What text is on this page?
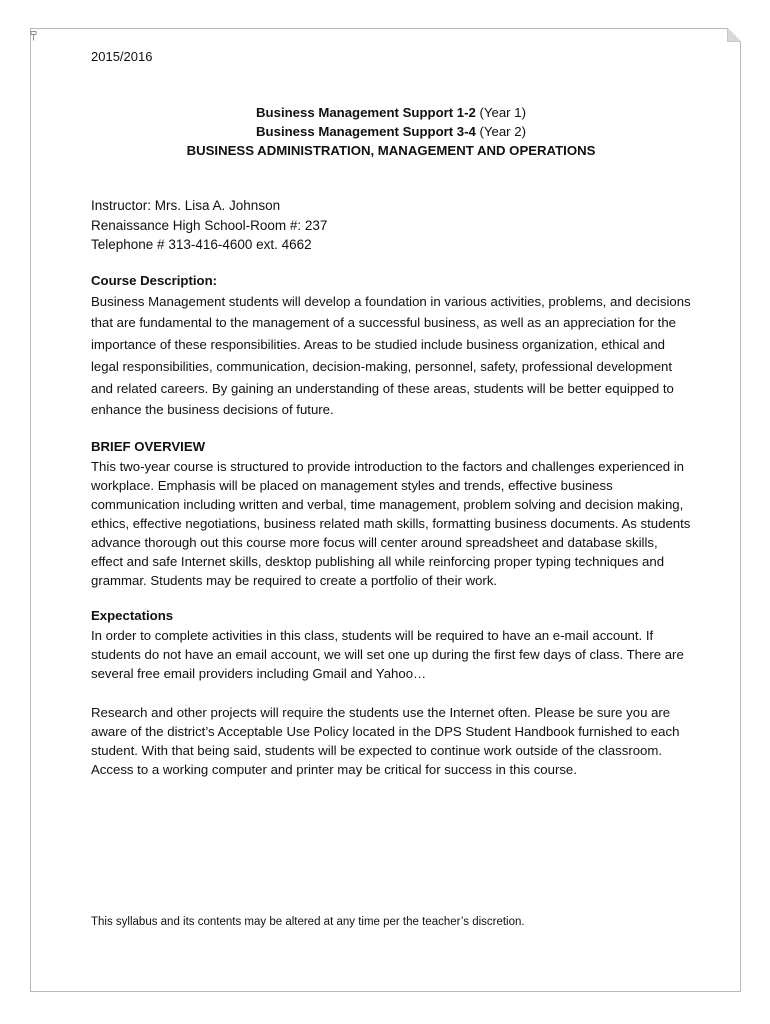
2015/2016

Business Management Support 1-2 (Year 1)
Business Management Support 3-4 (Year 2)
BUSINESS ADMINISTRATION, MANAGEMENT AND OPERATIONS
Instructor: Mrs. Lisa A. Johnson
Renaissance High School-Room #: 237
Telephone # 313-416-4600 ext. 4662

Course Description:

Business Management students will develop a foundation in various activities, problems, and decisions that are fundamental to the management of a successful business, as well as an appreciation for the importance of these responsibilities. Areas to be studied include business organization, ethical and legal responsibilities, communication, decision-making, personnel, safety, professional development and related careers. By gaining an understanding of these areas, students will be better equipped to enhance the business decisions of future.

BRIEF OVERVIEW

This two-year course is structured to provide introduction to the factors and challenges experienced in workplace. Emphasis will be placed on management styles and trends, effective business communication including written and verbal, time management, problem solving and decision making, ethics, effective negotiations, business related math skills, formatting business documents. As students advance thorough out this course more focus will center around spreadsheet and database skills, effect and safe Internet skills, desktop publishing all while reinforcing proper typing techniques and grammar. Students may be required to create a portfolio of their work.

Expectations

In order to complete activities in this class, students will be required to have an e-mail account. If students do not have an email account, we will set one up during the first few days of class. There are several free email providers including Gmail and Yahoo…

Research and other projects will require the students use the Internet often. Please be sure you are aware of the district’s Acceptable Use Policy located in the DPS Student Handbook furnished to each student. With that being said, students will be expected to continue work outside of the classroom. Access to a working computer and printer may be critical for success in this course.

This syllabus and its contents may be altered at any time per the teacher’s discretion.
